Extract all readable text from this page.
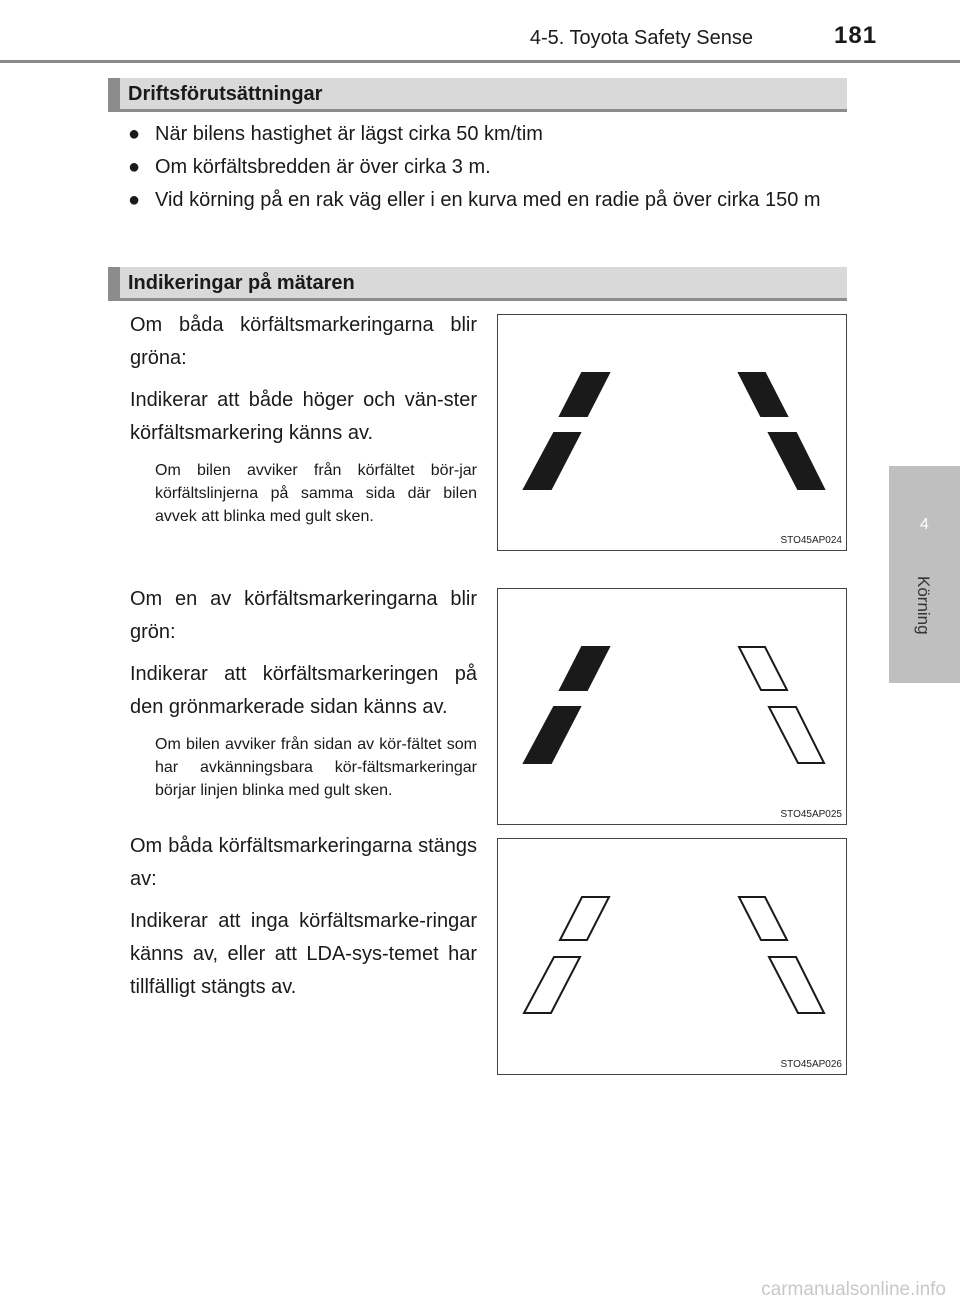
4-5. Toyota Safety Sense	181
4
Körning
Driftsförutsättningar
● När bilens hastighet är lägst cirka 50 km/tim
● Om körfältsbredden är över cirka 3 m.
● Vid körning på en rak väg eller i en kurva med en radie på över cirka 150 m
Indikeringar på mätaren

Om båda körfältsmarkeringarna blir gröna:

Indikerar att både höger och vän-ster körfältsmarkering känns av.

Om bilen avviker från körfältet bör-jar körfältslinjerna på samma sida där bilen avvek att blinka med gult sken.

STO45AP024

Om en av körfältsmarkeringarna blir grön:

Indikerar att körfältsmarkeringen på den grönmarkerade sidan känns av.

Om bilen avviker från sidan av kör-fältet som har avkänningsbara kör-fältsmarkeringar börjar linjen blinka med gult sken.

STO45AP025

Om båda körfältsmarkeringarna stängs av:

Indikerar att inga körfältsmarke-ringar känns av, eller att LDA-sys-temet har tillfälligt stängts av.

STO45AP026
carmanualsonline.info
